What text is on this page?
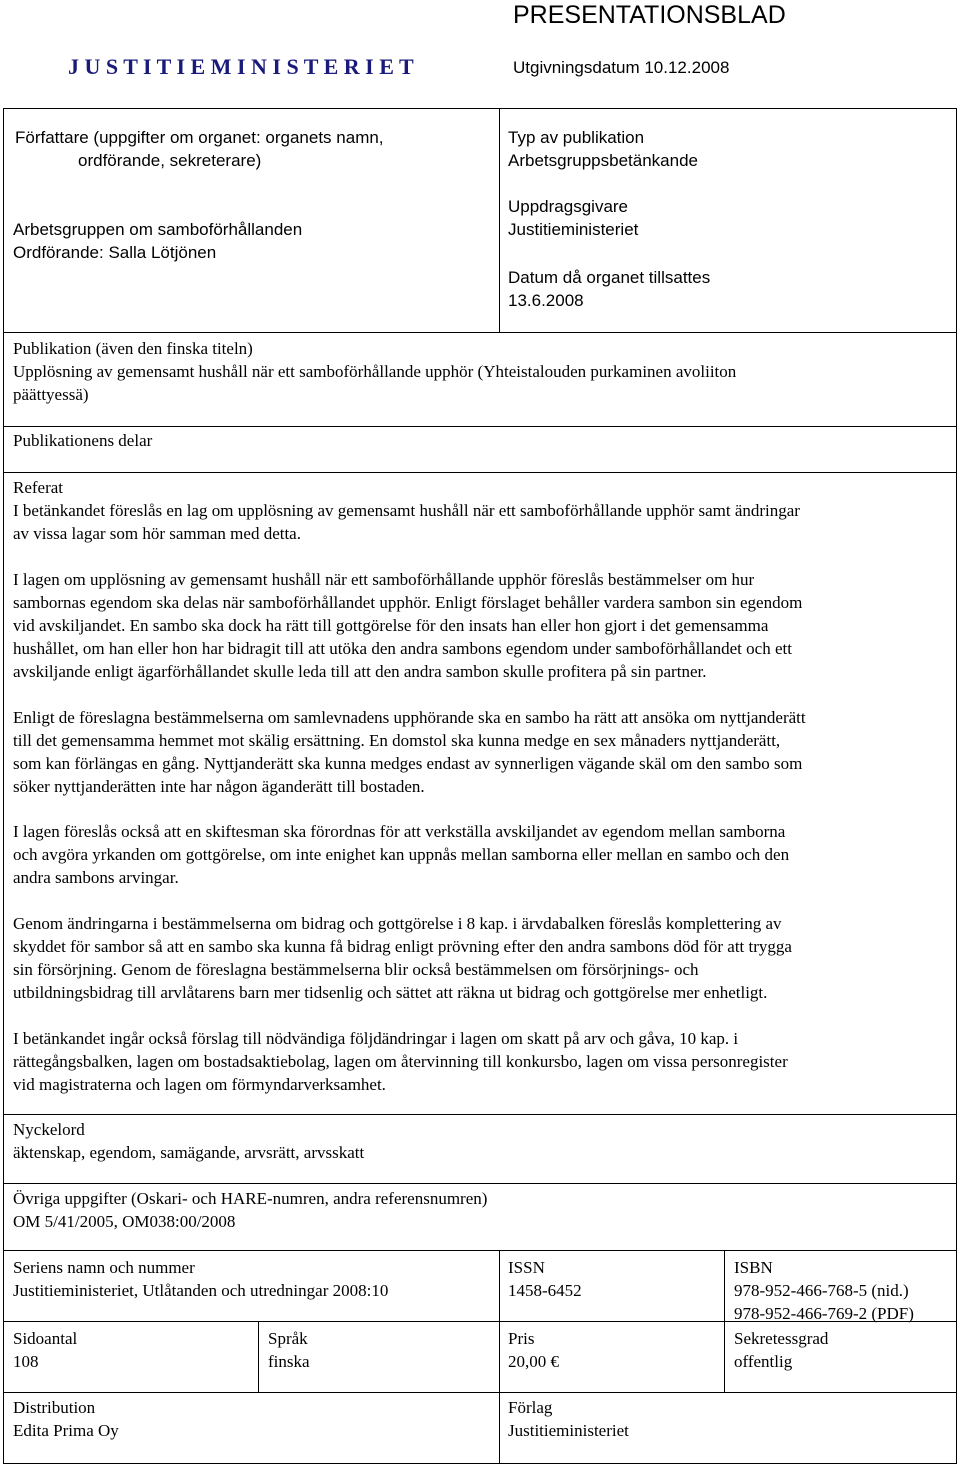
PRESENTATIONSBLAD
J U S T I T I E M I N I S T E R I E T	Utgivningsdatum 10.12.2008
Författare (uppgifter om organet: organets namn,
ordförande, sekreterare)
Arbetsgruppen om samboförhållanden
Ordförande: Salla Lötjönen
Typ av publikation
Arbetsgruppsbetänkande
Uppdragsgivare
Justitieministeriet
Datum då organet tillsattes
13.6.2008
Publikation (även den finska titeln)
Upplösning av gemensamt hushåll när ett samboförhållande upphör (Yhteistalouden purkaminen avoliiton
päättyessä)
Publikationens delar
Referat
I betänkandet föreslås en lag om upplösning av gemensamt hushåll när ett samboförhållande upphör samt ändringar
av vissa lagar som hör samman med detta.
I lagen om upplösning av gemensamt hushåll när ett samboförhållande upphör föreslås bestämmelser om hur
sambornas egendom ska delas när samboförhållandet upphör. Enligt förslaget behåller vardera sambon sin egendom
vid avskiljandet. En sambo ska dock ha rätt till gottgörelse för den insats han eller hon gjort i det gemensamma
hushållet, om han eller hon har bidragit till att utöka den andra sambons egendom under samboförhållandet och ett
avskiljande enligt ägarförhållandet skulle leda till att den andra sambon skulle profitera på sin partner.
Enligt de föreslagna bestämmelserna om samlevnadens upphörande ska en sambo ha rätt att ansöka om nyttjanderätt
till det gemensamma hemmet mot skälig ersättning. En domstol ska kunna medge en sex månaders nyttjanderätt,
som kan förlängas en gång. Nyttjanderätt ska kunna medges endast av synnerligen vägande skäl om den sambo som
söker nyttjanderätten inte har någon äganderätt till bostaden.
I lagen föreslås också att en skiftesman ska förordnas för att verkställa avskiljandet av egendom mellan samborna
och avgöra yrkanden om gottgörelse, om inte enighet kan uppnås mellan samborna eller mellan en sambo och den
andra sambons arvingar.
Genom ändringarna i bestämmelserna om bidrag och gottgörelse i 8 kap. i ärvdabalken föreslås komplettering av
skyddet för sambor så att en sambo ska kunna få bidrag enligt prövning efter den andra sambons död för att trygga
sin försörjning. Genom de föreslagna bestämmelserna blir också bestämmelsen om försörjnings- och
utbildningsbidrag till arvlåtarens barn mer tidsenlig och sättet att räkna ut bidrag och gottgörelse mer enhetligt.
I betänkandet ingår också förslag till nödvändiga följdändringar i lagen om skatt på arv och gåva, 10 kap. i
rättegångsbalken, lagen om bostadsaktiebolag, lagen om återvinning till konkursbo, lagen om vissa personregister
vid magistraterna och lagen om förmyndarverksamhet.
Nyckelord
äktenskap, egendom, samägande, arvsrätt, arvsskatt
Övriga uppgifter (Oskari- och HARE-numren, andra referensnumren)
OM 5/41/2005, OM038:00/2008
Seriens namn och nummer
Justitieministeriet, Utlåtanden och utredningar 2008:10
ISSN
1458-6452
ISBN
978-952-466-768-5 (nid.)
978-952-466-769-2 (PDF)
Sidoantal
108
Språk
finska
Pris
20,00 €
Sekretessgrad
offentlig
Distribution
Edita Prima Oy
Förlag
Justitieministeriet
